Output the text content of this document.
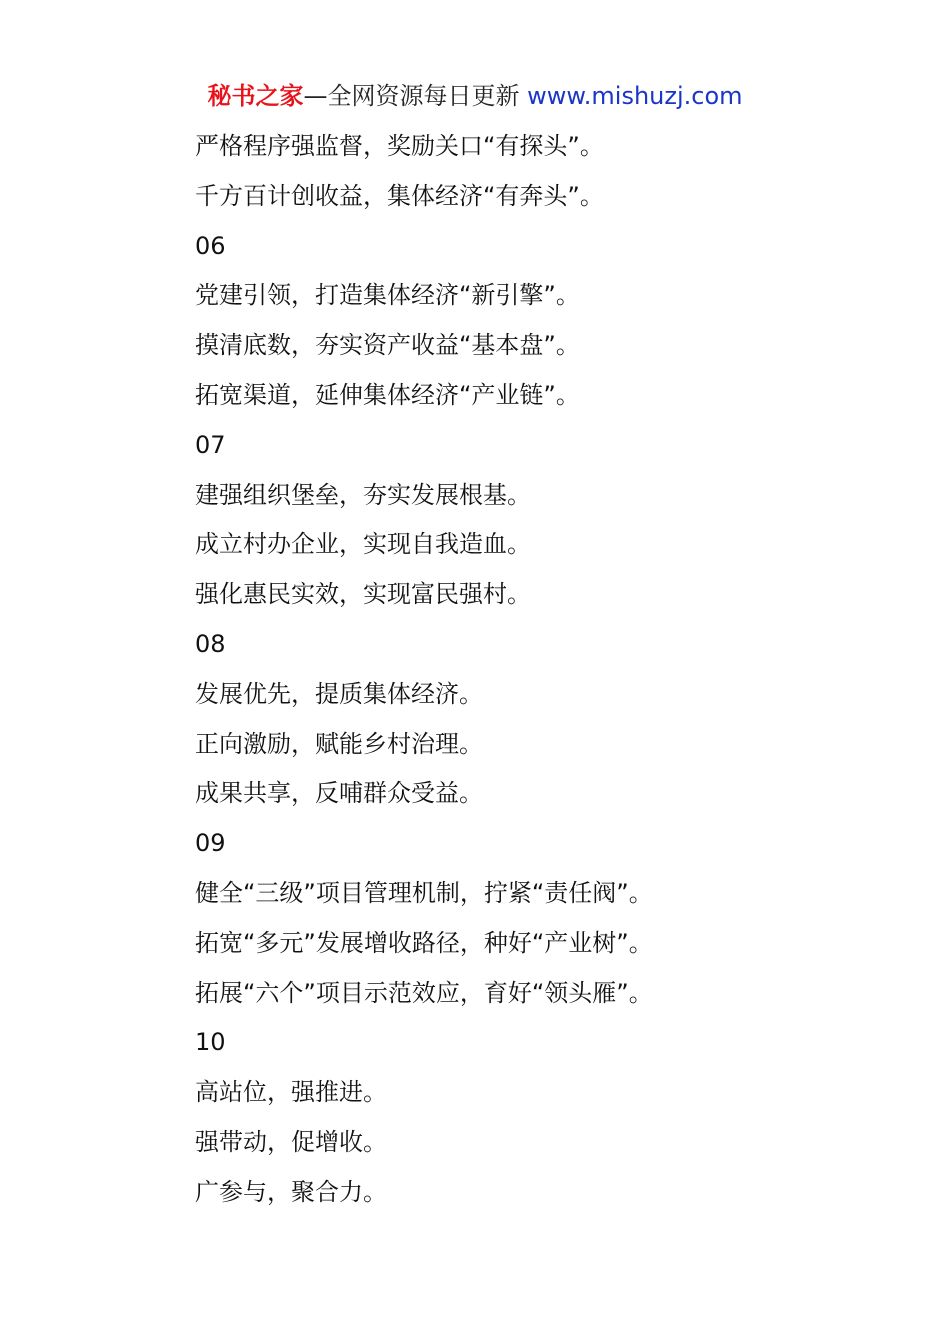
秘书之家—全网资源每日更新 www.mishuzj.com
严格程序强监督，奖励关口“有探头”。
千方百计创收益，集体经济“有奔头”。
06
党建引领，打造集体经济“新引擎”。
摸清底数，夯实资产收益“基本盘”。
拓宽渠道，延伸集体经济“产业链”。
07
建强组织堡垒，夯实发展根基。
成立村办企业，实现自我造血。
强化惠民实效，实现富民强村。
08
发展优先，提质集体经济。
正向激励，赋能乡村治理。
成果共享，反哺群众受益。
09
健全“三级”项目管理机制，拧紧“责任阀”。
拓宽“多元”发展增收路径，种好“产业树”。
拓展“六个”项目示范效应，育好“领头雁”。
10
高站位，强推进。
强带动，促增收。
广参与，聚合力。
